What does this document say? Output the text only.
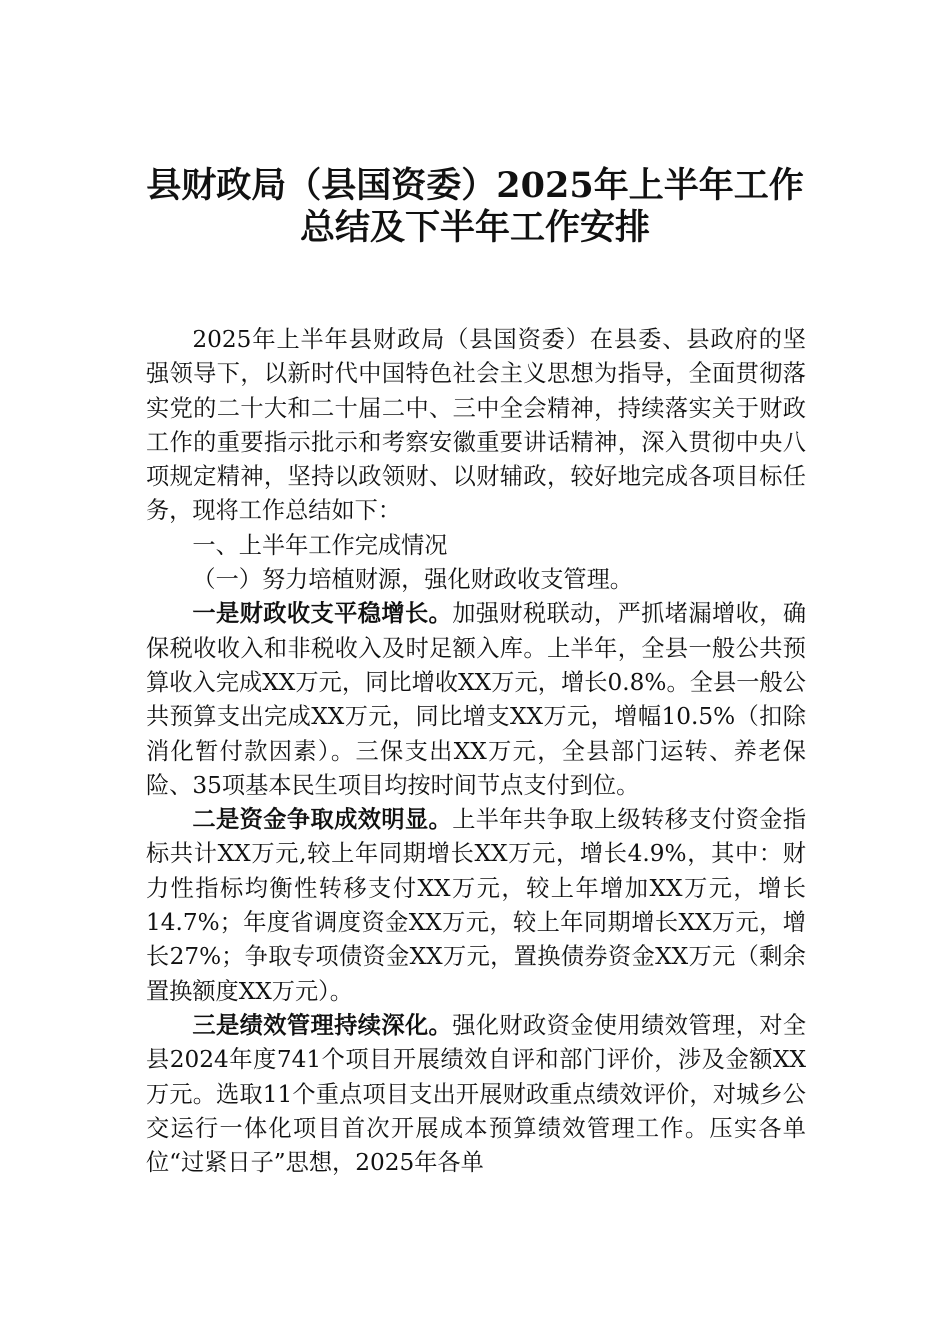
县财政局（县国资委）2025年上半年工作
总结及下半年工作安排

2025年上半年县财政局（县国资委）在县委、县政府的坚强领导下，以新时代中国特色社会主义思想为指导，全面贯彻落实党的二十大和二十届二中、三中全会精神，持续落实关于财政工作的重要指示批示和考察安徽重要讲话精神，深入贯彻中央八项规定精神，坚持以政领财、以财辅政，较好地完成各项目标任务，现将工作总结如下：

一、上半年工作完成情况

（一）努力培植财源，强化财政收支管理。

一是财政收支平稳增长。加强财税联动，严抓堵漏增收，确保税收收入和非税收入及时足额入库。上半年，全县一般公共预算收入完成XX万元，同比增收XX万元，增长0.8%。全县一般公共预算支出完成XX万元，同比增支XX万元，增幅10.5%（扣除消化暂付款因素）。三保支出XX万元，全县部门运转、养老保险、35项基本民生项目均按时间节点支付到位。

二是资金争取成效明显。上半年共争取上级转移支付资金指标共计XX万元,较上年同期增长XX万元，增长4.9%，其中：财力性指标均衡性转移支付XX万元，较上年增加XX万元，增长14.7%；年度省调度资金XX万元，较上年同期增长XX万元，增长27%；争取专项债资金XX万元，置换债券资金XX万元（剩余置换额度XX万元）。

三是绩效管理持续深化。强化财政资金使用绩效管理，对全县2024年度741个项目开展绩效自评和部门评价，涉及金额XX万元。选取11个重点项目支出开展财政重点绩效评价，对城乡公交运行一体化项目首次开展成本预算绩效管理工作。压实各单位“过紧日子”思想，2025年各单
